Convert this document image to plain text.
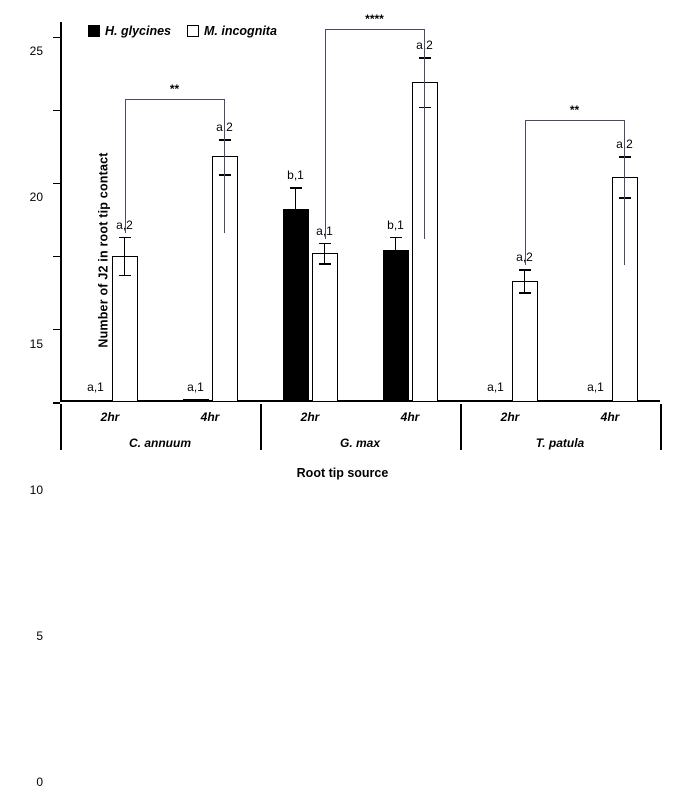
Number of J2 in root tip contact
0
5
10
15
20
25
a,1
a,2
a,1
a,2
b,1
a,1	b,1
a,2
a,1
a,2
a,1
a,2
**
****
**
2hr	4hr	2hr	4hr	2hr	4hr
C. annuum	G. max	T. patula
H. glycines	M. incognita
Root tip source
